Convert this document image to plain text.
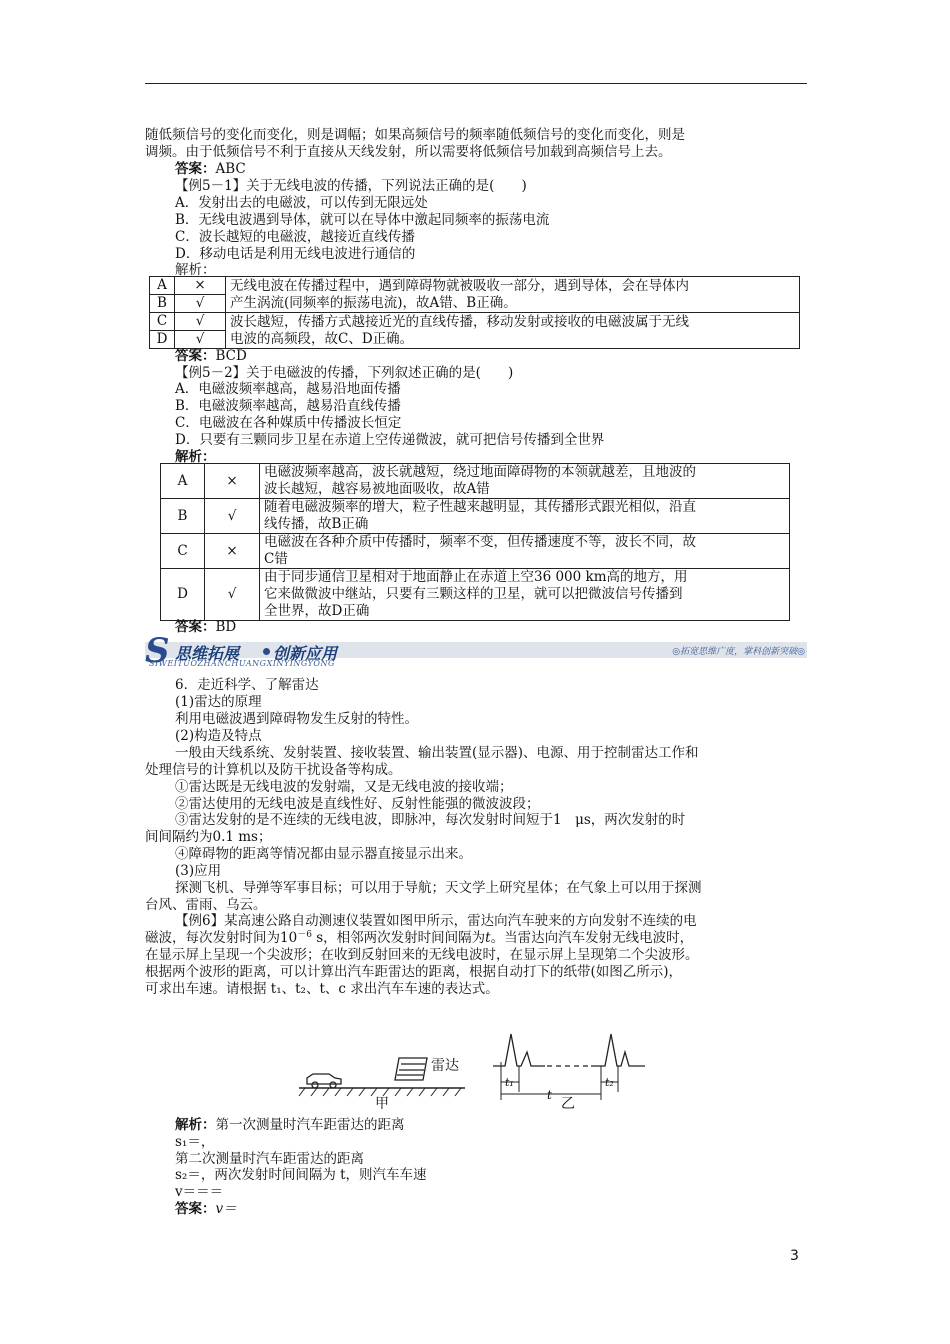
随低频信号的变化而变化，则是调幅；如果高频信号的频率随低频信号的变化而变化，则是
调频。由于低频信号不利于直接从天线发射，所以需要将低频信号加载到高频信号上去。
答案：ABC
【例5－1】关于无线电波的传播，下列说法正确的是(　　)
A．发射出去的电磁波，可以传到无限远处
B．无线电波遇到导体，就可以在导体中激起同频率的振荡电流
C．波长越短的电磁波，越接近直线传播
D．移动电话是利用无线电波进行通信的
解析：
A	×	无线电波在传播过程中，遇到障碍物就被吸收一部分，遇到导体，会在导体内
产生涡流(同频率的振荡电流)，故A错、B正确。

B	√	
C	√	波长越短，传播方式越接近光的直线传播，移动发射或接收的电磁波属于无线
电波的高频段，故C、D正确。

D	√	
答案：BCD
【例5－2】关于电磁波的传播，下列叙述正确的是(　　)
A．电磁波频率越高，越易沿地面传播
B．电磁波频率越高，越易沿直线传播
C．电磁波在各种媒质中传播波长恒定
D．只要有三颗同步卫星在赤道上空传递微波，就可把信号传播到全世界
解析：
A	×	电磁波频率越高，波长就越短，绕过地面障碍物的本领就越差，且地波的
波长越短，越容易被地面吸收，故A错

B	√	随着电磁波频率的增大，粒子性越来越明显，其传播形式跟光相似，沿直
线传播，故B正确

C	×	电磁波在各种介质中传播时，频率不变，但传播速度不等，波长不同，故
C错

D	√	由于同步通信卫星相对于地面静止在赤道上空36 000 km高的地方，用
它来做微波中继站，只要有三颗这样的卫星，就可以把微波信号传播到
全世界，故D正确
答案：BD
S 思维拓展 创新应用
SIWEITUOZHANCHUANGXINYINGYONG
◎拓宽思维广度，掌科创新突破◎
6．走近科学、了解雷达
(1)雷达的原理
利用电磁波遇到障碍物发生反射的特性。
(2)构造及特点
一般由天线系统、发射装置、接收装置、输出装置(显示器)、电源、用于控制雷达工作和
处理信号的计算机以及防干扰设备等构成。
①雷达既是无线电波的发射端，又是无线电波的接收端；
②雷达使用的无线电波是直线性好、反射性能强的微波波段；
③雷达发射的是不连续的无线电波，即脉冲，每次发射时间短于1　μs，两次发射的时
间间隔约为0.1 ms；
④障碍物的距离等情况都由显示器直接显示出来。
(3)应用
探测飞机、导弹等军事目标；可以用于导航；天文学上研究星体；在气象上可以用于探测
台风、雷雨、乌云。
【例6】某高速公路自动测速仪装置如图甲所示，雷达向汽车驶来的方向发射不连续的电
磁波，每次发射时间为$10^{-6}$ s，相邻两次发射时间间隔为t。当雷达向汽车发射无线电波时，
在显示屏上呈现一个尖波形；在收到反射回来的无线电波时，在显示屏上呈现第二个尖波形。
根据两个波形的距离，可以计算出汽车距雷达的距离，根据自动打下的纸带(如图乙所示)，
可求出车速。请根据 t₁、t₂、t、c 求出汽车车速的表达式。
雷达
甲
t₁	t₂
t
乙
解析：第一次测量时汽车距雷达的距离
s₁＝，
第二次测量时汽车距雷达的距离
s₂＝，两次发射时间间隔为 t，则汽车车速
v＝＝＝
答案：v＝
3
